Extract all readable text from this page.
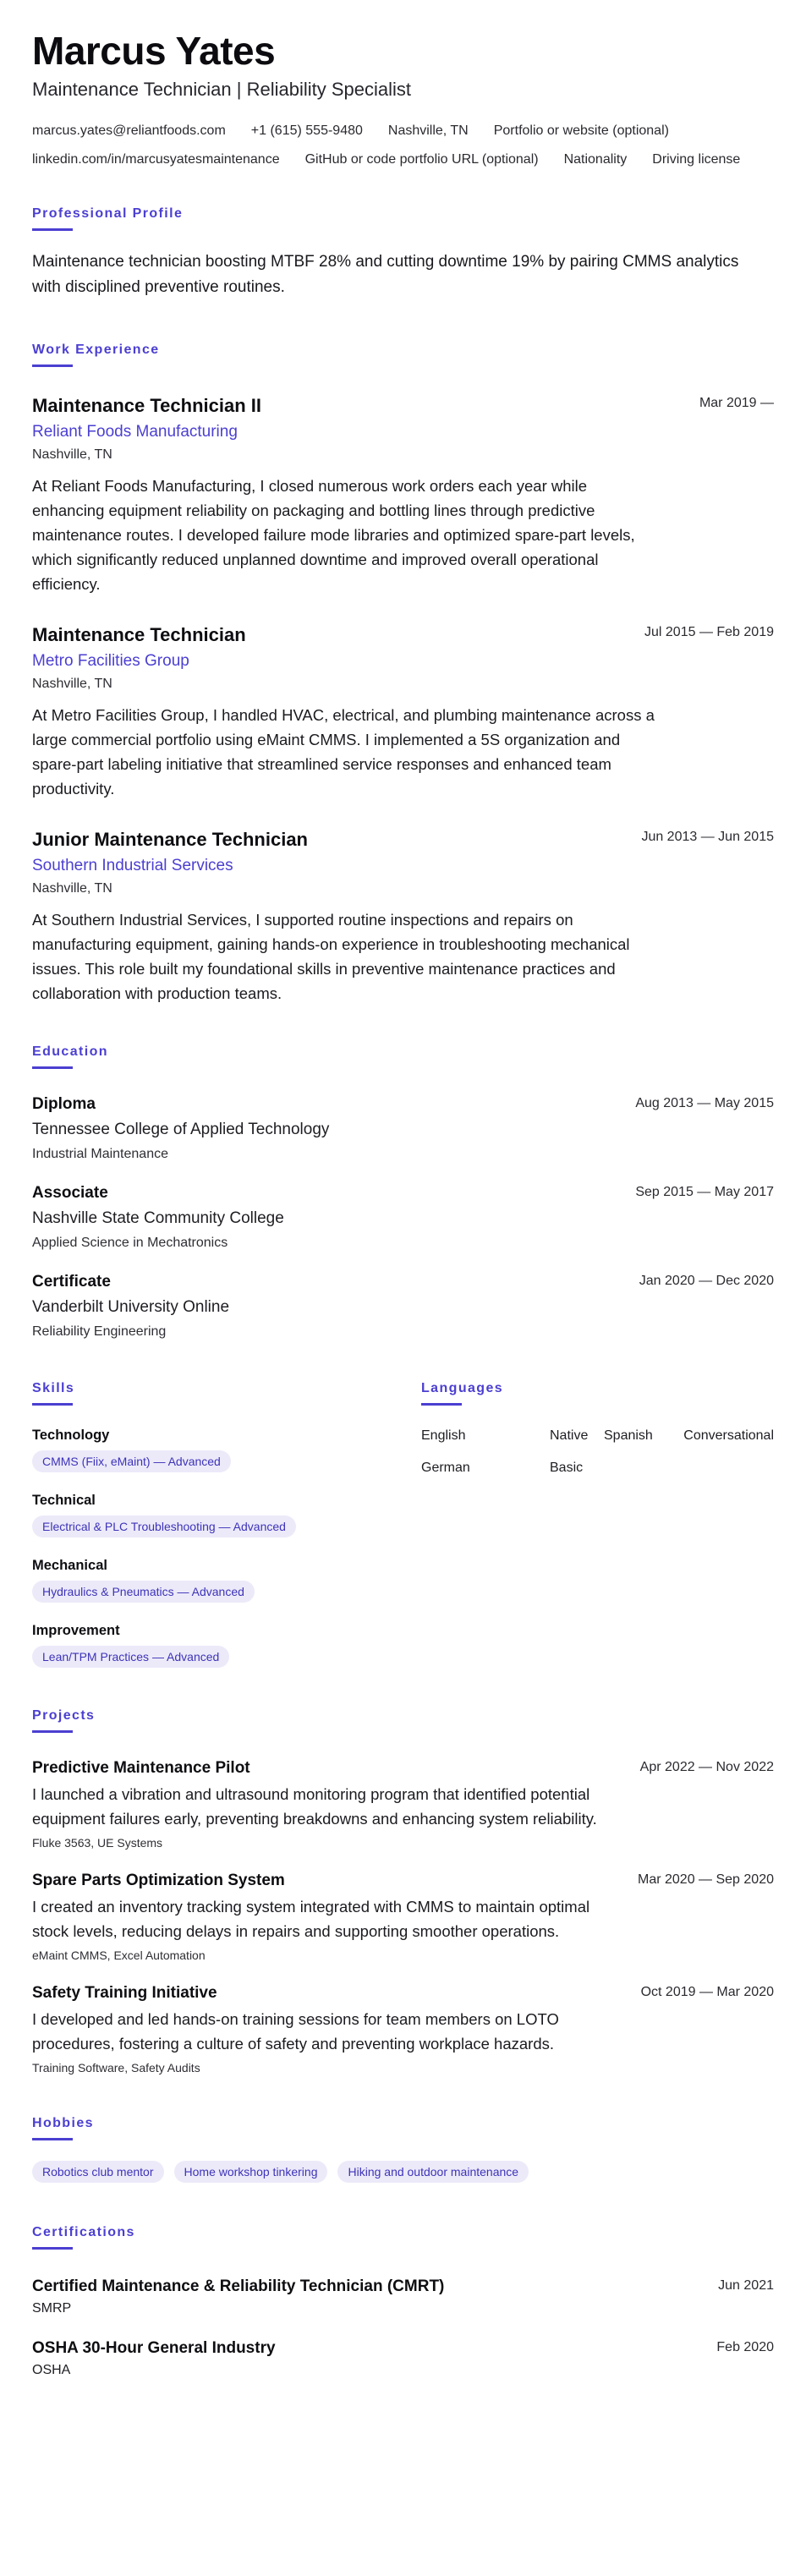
Marcus Yates
Maintenance Technician | Reliability Specialist
marcus.yates@reliantfoods.com +1 (615) 555-9480 Nashville, TN Portfolio or website (optional)
linkedin.com/in/marcusyatesmaintenance GitHub or code portfolio URL (optional) Nationality Driving license
Professional Profile
Maintenance technician boosting MTBF 28% and cutting downtime 19% by pairing CMMS analytics with disciplined preventive routines.
Work Experience
Mar 2019 —
Maintenance Technician II
Reliant Foods Manufacturing
Nashville, TN
At Reliant Foods Manufacturing, I closed numerous work orders each year while enhancing equipment reliability on packaging and bottling lines through predictive maintenance routes. I developed failure mode libraries and optimized spare-part levels, which significantly reduced unplanned downtime and improved overall operational efficiency.
Jul 2015 — Feb 2019
Maintenance Technician
Metro Facilities Group
Nashville, TN
At Metro Facilities Group, I handled HVAC, electrical, and plumbing maintenance across a large commercial portfolio using eMaint CMMS. I implemented a 5S organization and spare-part labeling initiative that streamlined service responses and enhanced team productivity.
Jun 2013 — Jun 2015
Junior Maintenance Technician
Southern Industrial Services
Nashville, TN
At Southern Industrial Services, I supported routine inspections and repairs on manufacturing equipment, gaining hands-on experience in troubleshooting mechanical issues. This role built my foundational skills in preventive maintenance practices and collaboration with production teams.
Education
Aug 2013 — May 2015
Diploma
Tennessee College of Applied Technology
Industrial Maintenance
Sep 2015 — May 2017
Associate
Nashville State Community College
Applied Science in Mechatronics
Jan 2020 — Dec 2020
Certificate
Vanderbilt University Online
Reliability Engineering
Skills
Technology
CMMS (Fiix, eMaint) — Advanced
Technical
Electrical & PLC Troubleshooting — Advanced
Mechanical
Hydraulics & Pneumatics — Advanced
Improvement
Lean/TPM Practices — Advanced
Languages
English	Native	Spanish	Conversational
German	Basic
Projects
Apr 2022 — Nov 2022
Predictive Maintenance Pilot
I launched a vibration and ultrasound monitoring program that identified potential equipment failures early, preventing breakdowns and enhancing system reliability.
Fluke 3563, UE Systems
Mar 2020 — Sep 2020
Spare Parts Optimization System
I created an inventory tracking system integrated with CMMS to maintain optimal stock levels, reducing delays in repairs and supporting smoother operations.
eMaint CMMS, Excel Automation
Oct 2019 — Mar 2020
Safety Training Initiative
I developed and led hands-on training sessions for team members on LOTO procedures, fostering a culture of safety and preventing workplace hazards.
Training Software, Safety Audits
Hobbies
Robotics club mentor	Home workshop tinkering	Hiking and outdoor maintenance
Certifications
Jun 2021
Certified Maintenance & Reliability Technician (CMRT)
SMRP
Feb 2020
OSHA 30-Hour General Industry
OSHA
